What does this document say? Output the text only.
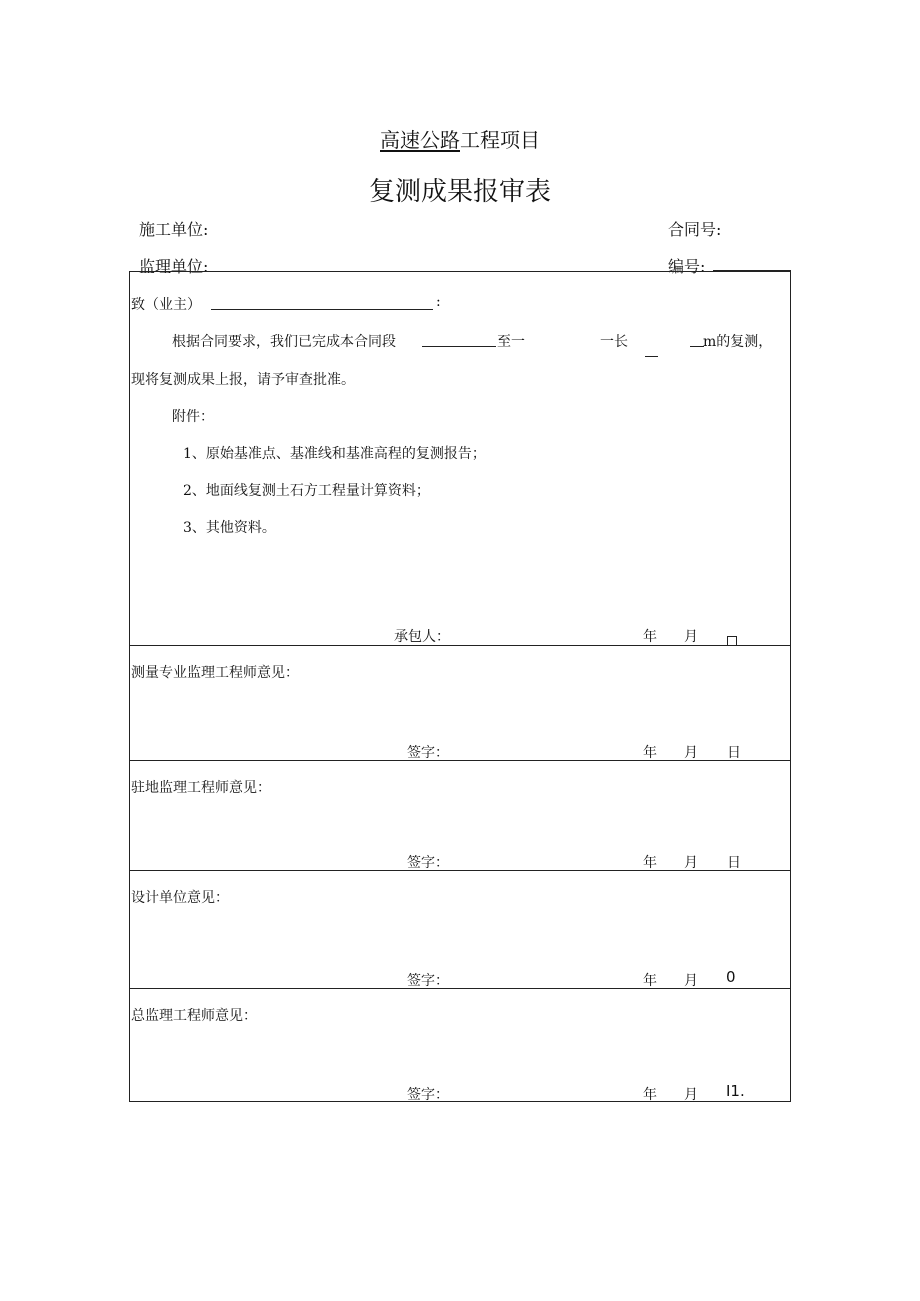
高速公路工程项目
复测成果报审表
施工单位:	合同号:
监理单位:	编号:
致（业主）	:
根据合同要求，我们已完成本合同段	至一	一长	m的复测，
现将复测成果上报，请予审查批准。
附件：
1、原始基准点、基准线和基准高程的复测报告；
2、地面线复测土石方工程量计算资料；
3、其他资料。
承包人：	年 月
测量专业监理工程师意见：
签字：	年 月 日
驻地监理工程师意见：
签字：	年 月 日
设计单位意见：
签字：	年 月 0
总监理工程师意见：
签字：	年 月 I1.
